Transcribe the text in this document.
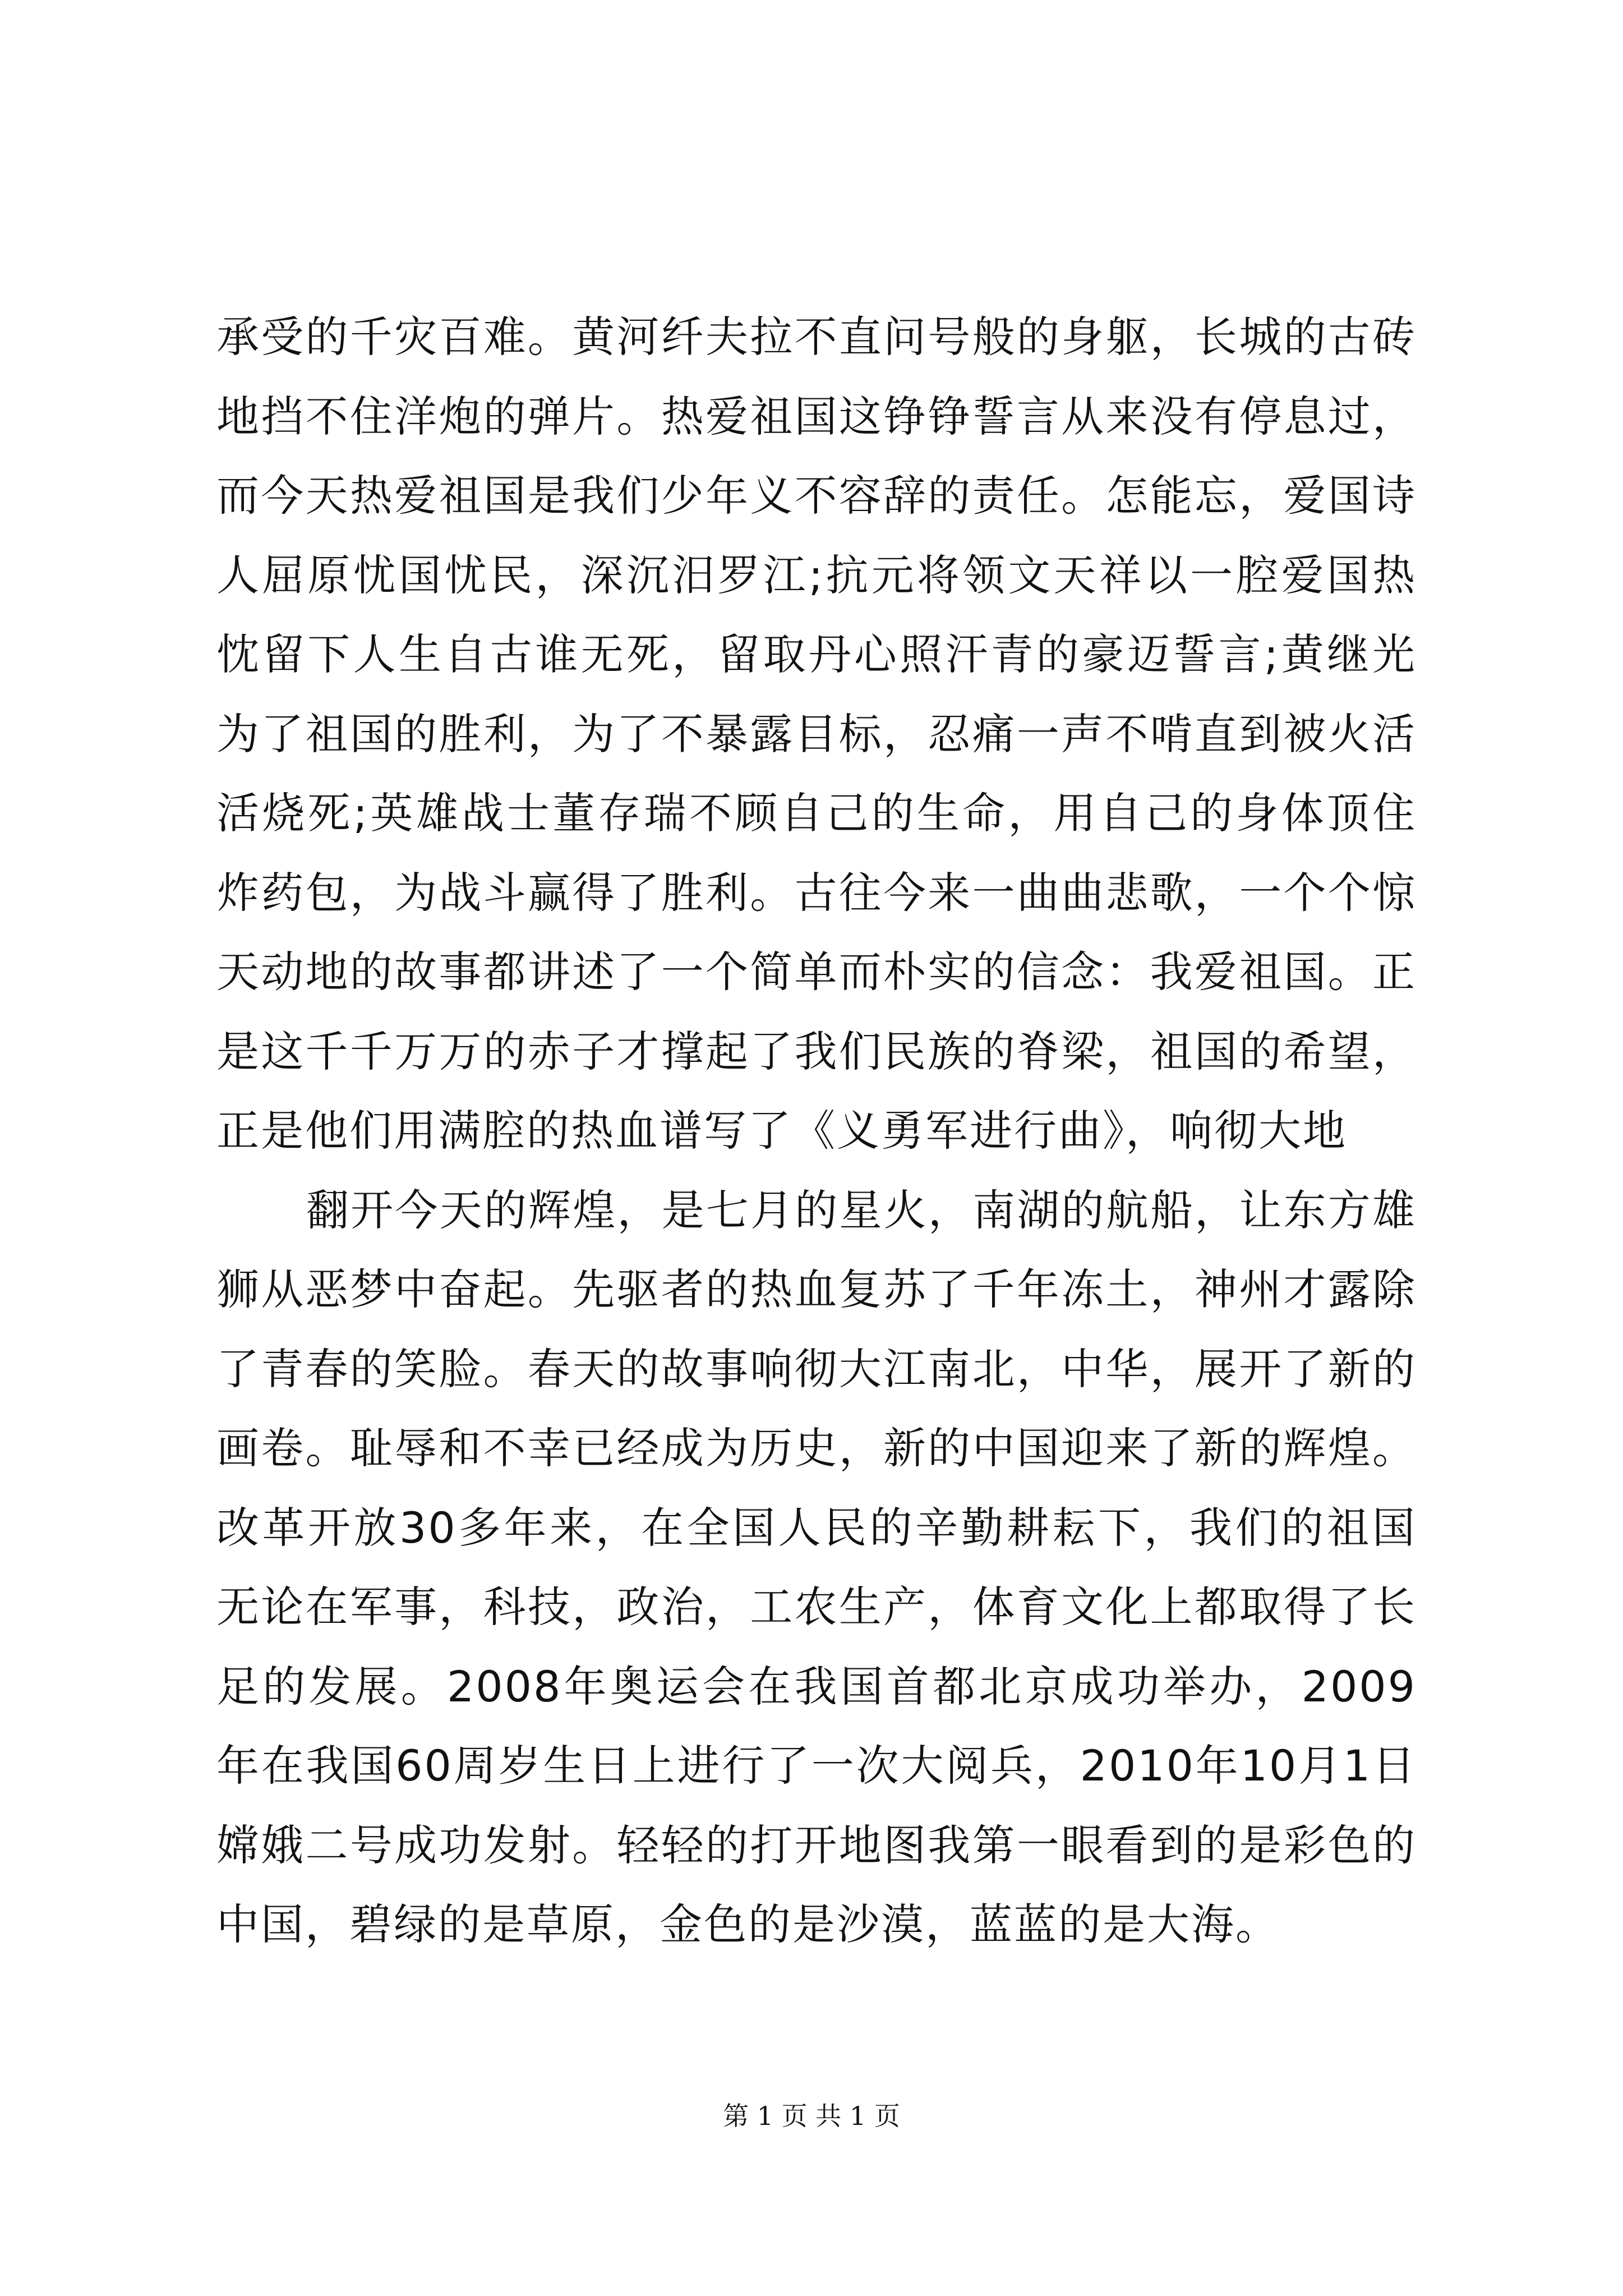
承受的千灾百难。黄河纤夫拉不直问号般的身躯，长城的古砖地挡不住洋炮的弹片。热爱祖国这铮铮誓言从来没有停息过，而今天热爱祖国是我们少年义不容辞的责任。怎能忘，爱国诗人屈原忧国忧民，深沉汨罗江;抗元将领文天祥以一腔爱国热忱留下人生自古谁无死，留取丹心照汗青的豪迈誓言;黄继光为了祖国的胜利，为了不暴露目标，忍痛一声不啃直到被火活活烧死;英雄战士董存瑞不顾自己的生命，用自己的身体顶住炸药包，为战斗赢得了胜利。古往今来一曲曲悲歌，一个个惊天动地的故事都讲述了一个简单而朴实的信念：我爱祖国。正是这千千万万的赤子才撑起了我们民族的脊梁，祖国的希望，正是他们用满腔的热血谱写了《义勇军进行曲》，响彻大地

翻开今天的辉煌，是七月的星火，南湖的航船，让东方雄狮从恶梦中奋起。先驱者的热血复苏了千年冻土，神州才露除了青春的笑脸。春天的故事响彻大江南北，中华，展开了新的画卷。耻辱和不幸已经成为历史，新的中国迎来了新的辉煌。改革开放30多年来，在全国人民的辛勤耕耘下，我们的祖国无论在军事，科技，政治，工农生产，体育文化上都取得了长足的发展。2008年奥运会在我国首都北京成功举办，2009年在我国60周岁生日上进行了一次大阅兵，2010年10月1日嫦娥二号成功发射。轻轻的打开地图我第一眼看到的是彩色的中国，碧绿的是草原，金色的是沙漠，蓝蓝的是大海。

第 1 页 共 1 页
